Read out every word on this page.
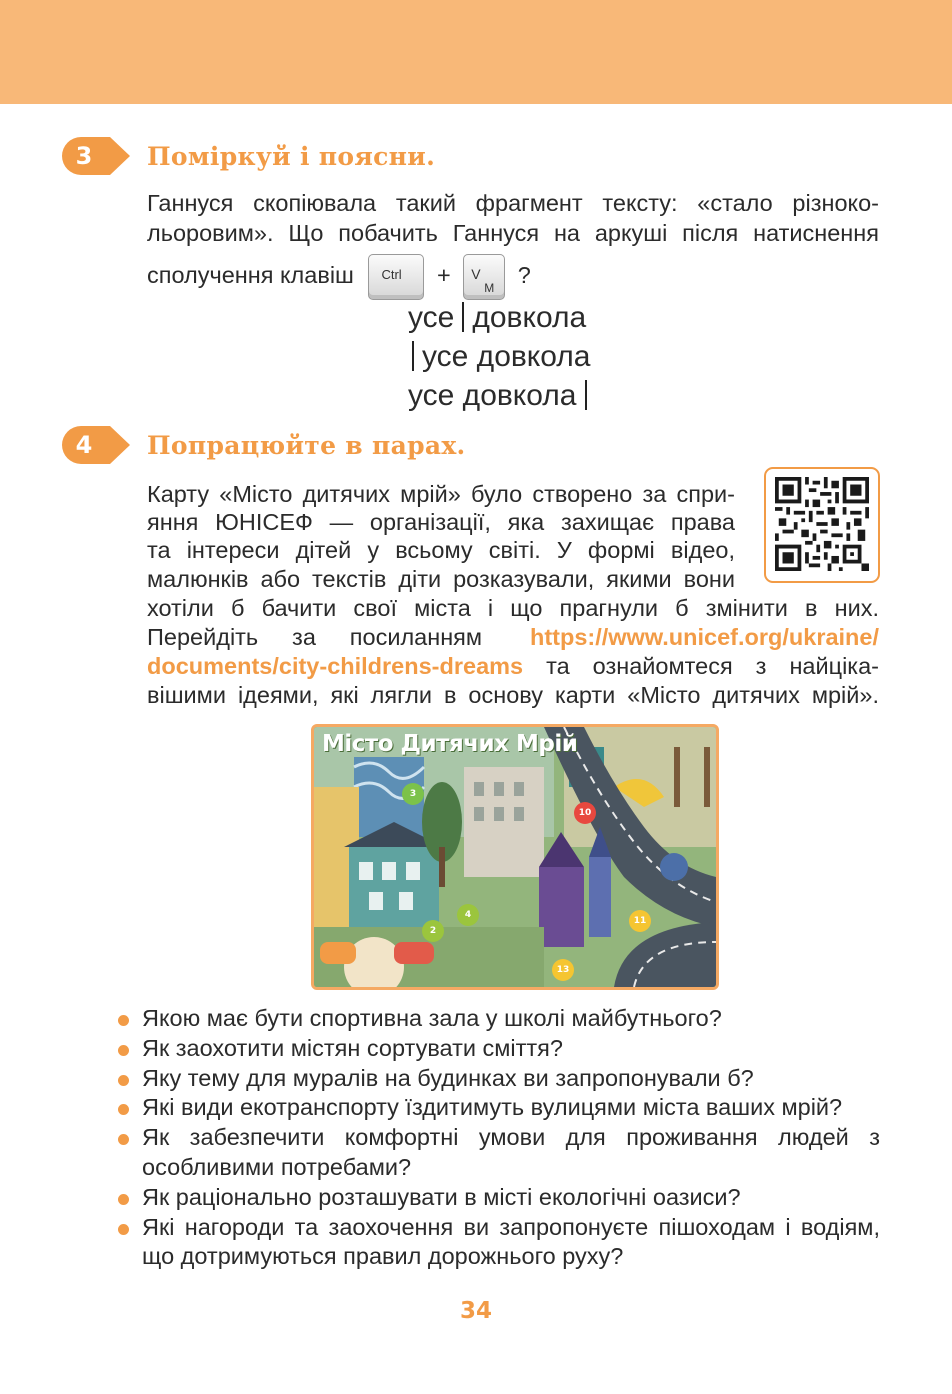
3	Поміркуй і поясни.
Ганнуся скопіювала такий фрагмент тексту: «стало різноко-
льоровим». Що побачить Ганнуся на аркуші після натиснення
сполучення клавіш Ctrl + V
М ?
усе довкола
усе довкола
усе довкола
4	Попрацюйте в парах.
Карту «Місто дитячих мрій» було створено за спри-
яння ЮНІСЕФ — організації, яка захищає права
та інтереси дітей у всьому світі. У формі відео,
малюнків або текстів діти розказували, якими вони
хотіли б бачити свої міста і що прагнули б змінити в них.
Перейдіть за посиланням https://www.unicef.org/ukraine/
documents/city-childrens-dreams та ознайомтеся з найціка-
вішими ідеями, які лягли в основу карти «Місто дитячих мрій».
Місто Дитячих Мрій
3
10
4
2
11
13
Якою має бути спортивна зала у школі майбутнього?
Як заохотити містян сортувати сміття?
Яку тему для муралів на будинках ви запропонували б?
Які види екотранспорту їздитимуть вулицями міста ваших мрій?
Як забезпечити комфортні умови для проживання людей з особливими потребами?
Як раціонально розташувати в місті екологічні оазиси?
Які нагороди та заохочення ви запропонуєте пішоходам і водіям, що дотримуються правил дорожнього руху?
34
